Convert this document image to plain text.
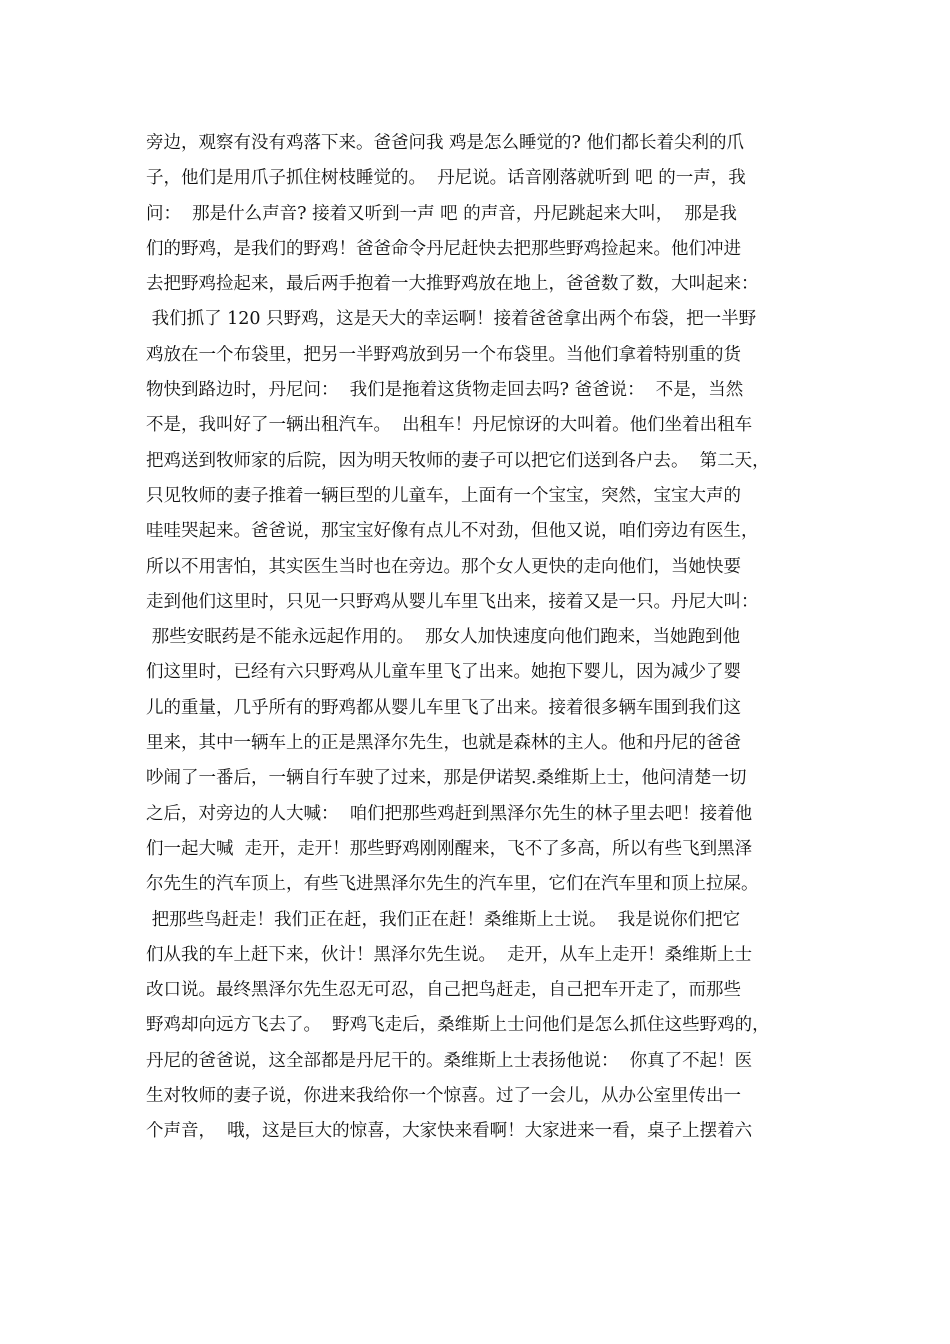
旁边，观察有没有鸡落下来。爸爸问我 鸡是怎么睡觉的? 他们都长着尖利的爪
子，他们是用爪子抓住树枝睡觉的。  丹尼说。话音刚落就听到 吧 的一声，我
问：  那是什么声音? 接着又听到一声 吧 的声音，丹尼跳起来大叫，  那是我
们的野鸡，是我们的野鸡！爸爸命令丹尼赶快去把那些野鸡捡起来。他们冲进
去把野鸡捡起来，最后两手抱着一大推野鸡放在地上，爸爸数了数，大叫起来：
我们抓了 120 只野鸡，这是天大的幸运啊！接着爸爸拿出两个布袋，把一半野
鸡放在一个布袋里，把另一半野鸡放到另一个布袋里。当他们拿着特别重的货
物快到路边时，丹尼问：  我们是拖着这货物走回去吗? 爸爸说：  不是，当然
不是，我叫好了一辆出租汽车。  出租车！丹尼惊讶的大叫着。他们坐着出租车
把鸡送到牧师家的后院，因为明天牧师的妻子可以把它们送到各户去。  第二天，
只见牧师的妻子推着一辆巨型的儿童车，上面有一个宝宝，突然，宝宝大声的
哇哇哭起来。爸爸说，那宝宝好像有点儿不对劲，但他又说，咱们旁边有医生，
所以不用害怕，其实医生当时也在旁边。那个女人更快的走向他们，当她快要
走到他们这里时，只见一只野鸡从婴儿车里飞出来，接着又是一只。丹尼大叫：
那些安眠药是不能永远起作用的。  那女人加快速度向他们跑来，当她跑到他
们这里时，已经有六只野鸡从儿童车里飞了出来。她抱下婴儿，因为减少了婴
儿的重量，几乎所有的野鸡都从婴儿车里飞了出来。接着很多辆车围到我们这
里来，其中一辆车上的正是黑泽尔先生，也就是森林的主人。他和丹尼的爸爸
吵闹了一番后，一辆自行车驶了过来，那是伊诺契.桑维斯上士，他问清楚一切
之后，对旁边的人大喊：  咱们把那些鸡赶到黑泽尔先生的林子里去吧！接着他
们一起大喊  走开，走开！那些野鸡刚刚醒来，飞不了多高，所以有些飞到黑泽
尔先生的汽车顶上，有些飞进黑泽尔先生的汽车里，它们在汽车里和顶上拉屎。
把那些鸟赶走！我们正在赶，我们正在赶！桑维斯上士说。  我是说你们把它
们从我的车上赶下来，伙计！黑泽尔先生说。  走开，从车上走开！桑维斯上士
改口说。最终黑泽尔先生忍无可忍，自己把鸟赶走，自己把车开走了，而那些
野鸡却向远方飞去了。  野鸡飞走后，桑维斯上士问他们是怎么抓住这些野鸡的，
丹尼的爸爸说，这全部都是丹尼干的。桑维斯上士表扬他说：  你真了不起！医
生对牧师的妻子说，你进来我给你一个惊喜。过了一会儿，从办公室里传出一
个声音，  哦，这是巨大的惊喜，大家快来看啊！大家进来一看，桌子上摆着六
